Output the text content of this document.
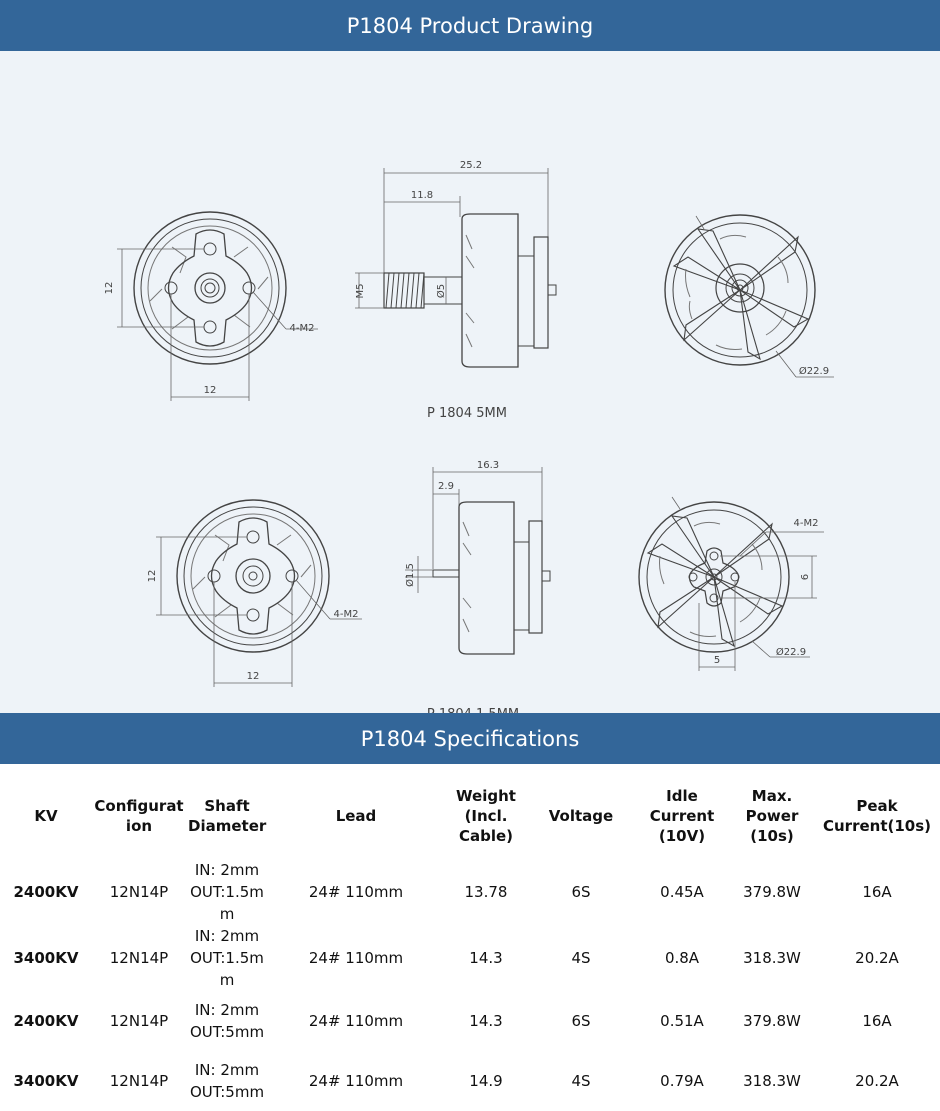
P1804 Product Drawing
12
12
4-M2
25.2
11.8
M5	Ø5
Ø22.9
P 1804 5MM
12
12
4-M2
16.3
2.9
Ø1.5
4-M2
6
5
Ø22.9
P1804 Specifications
KV	Configuration	Shaft Diameter	Lead	Weight (Incl. Cable)	Voltage	Idle Current (10V)	Max. Power (10s)	Peak Current(10s)
2400KV	12N14P	IN: 2mm
OUT:1.5mm	24# 110mm	13.78	6S	0.45A	379.8W	16A
3400KV	12N14P	IN: 2mm
OUT:1.5mm	24# 110mm	14.3	4S	0.8A	318.3W	20.2A
2400KV	12N14P	IN: 2mm
OUT:5mm	24# 110mm	14.3	6S	0.51A	379.8W	16A
3400KV	12N14P	IN: 2mm
OUT:5mm	24# 110mm	14.9	4S	0.79A	318.3W	20.2A
